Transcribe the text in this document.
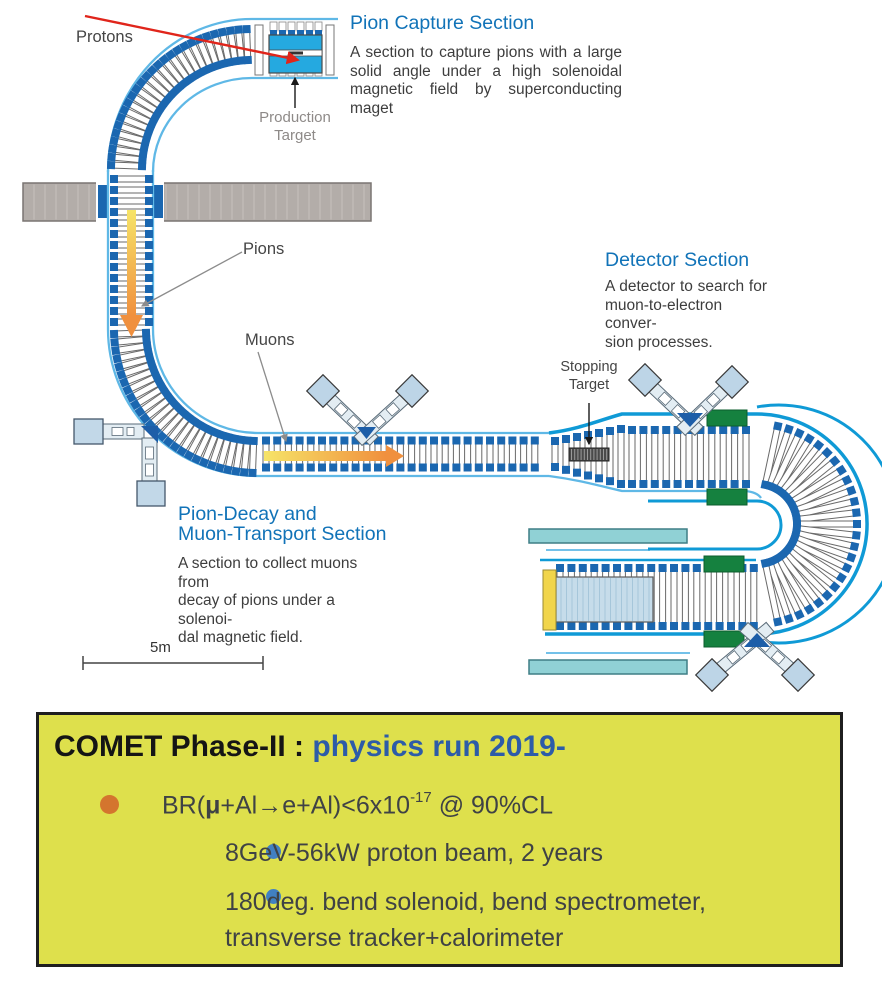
Protons
Pions
Muons
Production
Target
Stopping
Target
Pion Capture Section
A section to capture pions with a large
solid angle under a high solenoidal
magnetic field by superconducting
maget
Detector Section
A detector to search for
muon-to-electron conver-
sion processes.
Pion-Decay and
Muon-Transport Section
A section to collect muons from
decay of pions under a solenoi-
dal magnetic field.
5m
COMET Phase-II : physics run 2019-
$BR(\mu+Al\to e+Al)<6x10^{-17}$ @ 90%CL
8GeV-56kW proton beam, 2 years
180deg. bend solenoid, bend spectrometer,
transverse tracker+calorimeter
